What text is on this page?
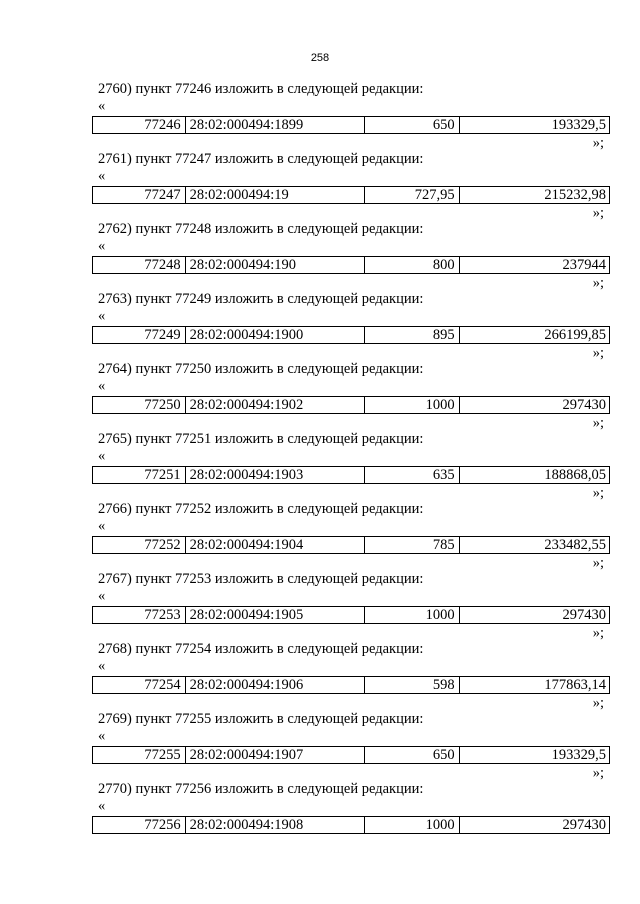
258
2760) пункт 77246 изложить в следующей редакции:
«
77246 28:02:000494:1899	650	193329,5
»;
2761) пункт 77247 изложить в следующей редакции:
«
77247 28:02:000494:19	727,95	215232,98
»;
2762) пункт 77248 изложить в следующей редакции:
«
77248 28:02:000494:190	800	237944
»;
2763) пункт 77249 изложить в следующей редакции:
«
77249 28:02:000494:1900	895	266199,85
»;
2764) пункт 77250 изложить в следующей редакции:
«
77250 28:02:000494:1902	1000	297430
»;
2765) пункт 77251 изложить в следующей редакции:
«
77251 28:02:000494:1903	635	188868,05
»;
2766) пункт 77252 изложить в следующей редакции:
«
77252 28:02:000494:1904	785	233482,55
»;
2767) пункт 77253 изложить в следующей редакции:
«
77253 28:02:000494:1905	1000	297430
»;
2768) пункт 77254 изложить в следующей редакции:
«
77254 28:02:000494:1906	598	177863,14
»;
2769) пункт 77255 изложить в следующей редакции:
«
77255 28:02:000494:1907	650	193329,5
»;
2770) пункт 77256 изложить в следующей редакции:
«
77256 28:02:000494:1908	1000	297430
